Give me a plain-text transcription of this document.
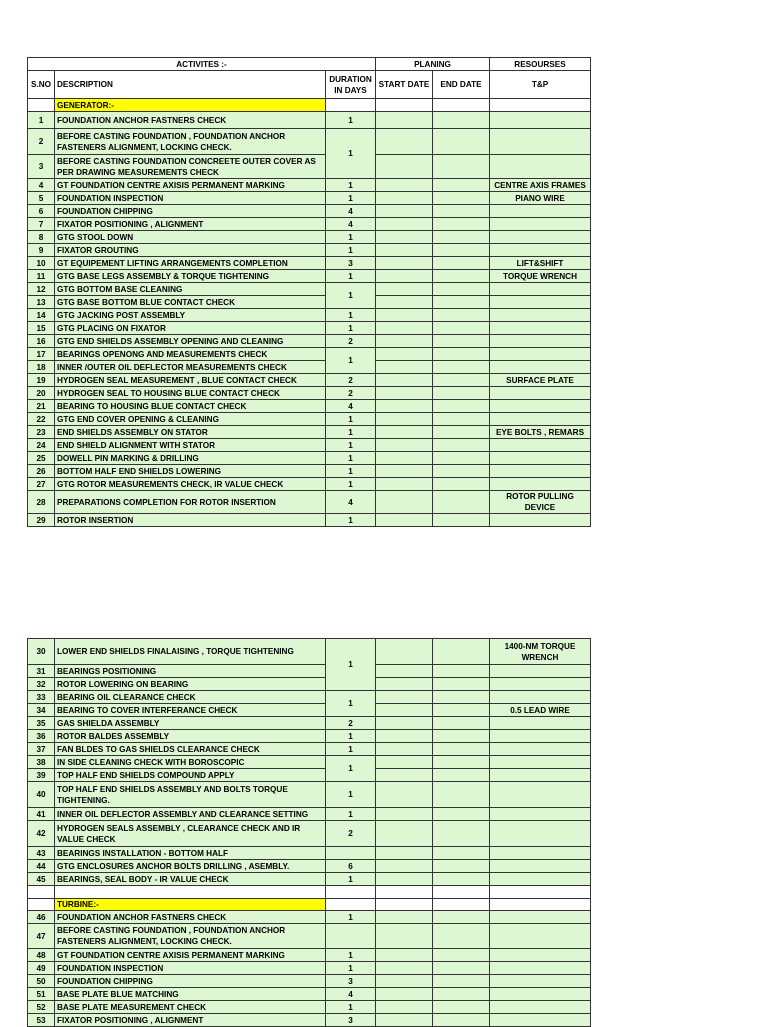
ACTIVITES :-			PLANING		RESOURSES
S.NO	DESCRIPTION	DURATION IN DAYS	START DATE	END DATE	T&P
	GENERATOR:-				
1	FOUNDATION ANCHOR FASTNERS CHECK	1			
2	BEFORE CASTING FOUNDATION , FOUNDATION ANCHOR FASTENERS ALIGNMENT, LOCKING CHECK.	1			
3	BEFORE CASTING FOUNDATION CONCREETE OUTER COVER AS PER DRAWING MEASUREMENTS CHECK				
4	GT FOUNDATION CENTRE AXISIS PERMANENT MARKING	1			CENTRE AXIS FRAMES
5	FOUNDATION INSPECTION	1			PIANO WIRE
6	FOUNDATION CHIPPING	4			
7	FIXATOR POSITIONING , ALIGNMENT	4			
8	GTG STOOL DOWN	1			
9	FIXATOR GROUTING	1			
10	GT EQUIPEMENT LIFTING ARRANGEMENTS COMPLETION	3			LIFT&SHIFT
11	GTG BASE LEGS ASSEMBLY & TORQUE TIGHTENING	1			TORQUE WRENCH
12	GTG BOTTOM BASE CLEANING	1			
13	GTG BASE BOTTOM BLUE CONTACT CHECK				
14	GTG JACKING POST ASSEMBLY	1			
15	GTG PLACING ON FIXATOR	1			
16	GTG END SHIELDS ASSEMBLY OPENING AND CLEANING	2			
17	BEARINGS OPENONG AND MEASUREMENTS CHECK	1			
18	INNER /OUTER OIL DEFLECTOR MEASUREMENTS CHECK				
19	HYDROGEN SEAL MEASUREMENT , BLUE CONTACT CHECK	2			SURFACE PLATE
20	HYDROGEN SEAL TO HOUSING BLUE CONTACT CHECK	2			
21	BEARING TO HOUSING BLUE CONTACT CHECK	4			
22	GTG END COVER OPENING & CLEANING	1			
23	END SHIELDS ASSEMBLY ON STATOR	1			EYE BOLTS , REMARS
24	END SHIELD ALIGNMENT WITH STATOR	1			
25	DOWELL PIN MARKING & DRILLING	1			
26	BOTTOM HALF END SHIELDS LOWERING	1			
27	GTG ROTOR MEASUREMENTS CHECK, IR VALUE CHECK	1			
28	PREPARATIONS COMPLETION FOR ROTOR INSERTION	4			ROTOR PULLING DEVICE
29	ROTOR INSERTION	1			
30	LOWER END SHIELDS FINALAISING , TORQUE TIGHTENING	1			1400-NM TORQUE WRENCH
31	BEARINGS POSITIONING				
32	ROTOR LOWERING ON BEARING				
33	BEARING OIL CLEARANCE CHECK	1			
34	BEARING TO COVER INTERFERANCE CHECK				0.5 LEAD WIRE
35	GAS SHIELDA ASSEMBLY	2			
36	ROTOR BALDES ASSEMBLY	1			
37	FAN BLDES TO GAS SHIELDS CLEARANCE CHECK	1			
38	IN SIDE CLEANING CHECK WITH BOROSCOPIC	1			
39	TOP HALF END SHIELDS COMPOUND APPLY				
40	TOP HALF END SHIELDS ASSEMBLY AND BOLTS TORQUE TIGHTENING.	1			
41	INNER OIL DEFLECTOR ASSEMBLY AND CLEARANCE SETTING	1			
42	HYDROGEN SEALS ASSEMBLY , CLEARANCE CHECK AND IR VALUE CHECK	2			
43	BEARINGS INSTALLATION - BOTTOM HALF				
44	GTG ENCLOSURES ANCHOR BOLTS DRILLING , ASEMBLY.	6			
45	BEARINGS, SEAL BODY - IR VALUE CHECK	1			

	TURBINE:-				
46	FOUNDATION ANCHOR FASTNERS CHECK	1			
47	BEFORE CASTING FOUNDATION , FOUNDATION ANCHOR FASTENERS ALIGNMENT, LOCKING CHECK.				
48	GT FOUNDATION CENTRE AXISIS PERMANENT MARKING	1			
49	FOUNDATION INSPECTION	1			
50	FOUNDATION CHIPPING	3			
51	BASE PLATE BLUE MATCHING	4			
52	BASE PLATE MEASUREMENT CHECK	1			
53	FIXATOR POSITIONING , ALIGNMENT	3			
